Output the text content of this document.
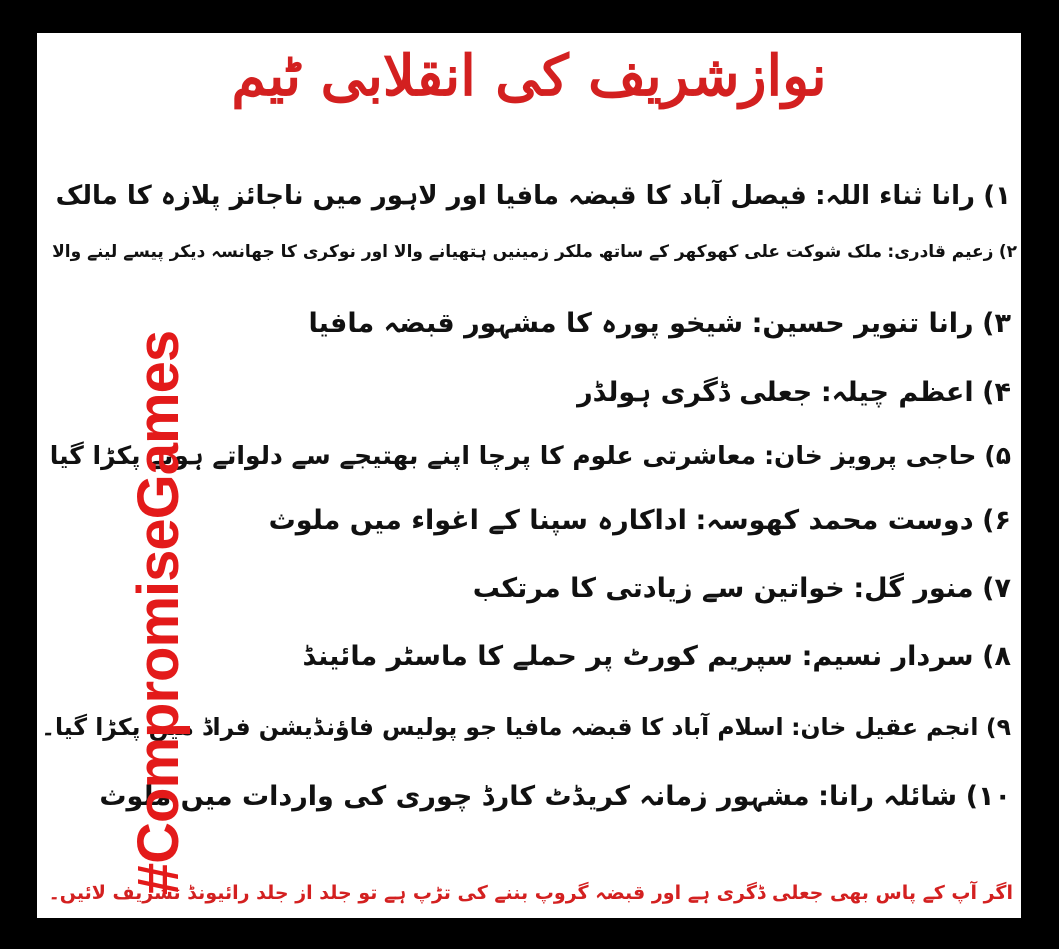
نوازشریف کی انقلابی ٹیم
۱) رانا ثناء اللہ: فیصل آباد کا قبضہ مافیا اور لاہور میں ناجائز پلازہ کا مالک
۲) زعیم قادری: ملک شوکت علی کھوکھر کے ساتھ ملکر زمینیں ہتھیانے والا اور نوکری کا جھانسہ دیکر پیسے لینے والا
۳) رانا تنویر حسین: شیخو پورہ کا مشہور قبضہ مافیا
۴) اعظم چیلہ: جعلی ڈگری ہولڈر
۵) حاجی پرویز خان: معاشرتی علوم کا پرچا اپنے بھتیجے سے دلواتے ہوئے پکڑا گیا
۶) دوست محمد کھوسہ: اداکارہ سپنا کے اغواء میں ملوث
۷) منور گل: خواتین سے زیادتی کا مرتکب
۸) سردار نسیم: سپریم کورٹ پر حملے کا ماسٹر مائینڈ
۹) انجم عقیل خان: اسلام آباد کا قبضہ مافیا جو پولیس فاؤنڈیشن فراڈ میں پکڑا گیا۔
۱۰) شائلہ رانا: مشہور زمانہ کریڈٹ کارڈ چوری کی واردات میں ملوث
اگر آپ کے پاس بھی جعلی ڈگری ہے اور قبضہ گروپ بننے کی تڑپ ہے تو جلد از جلد رائیونڈ تشریف لائیں۔
#CompromiseGames
